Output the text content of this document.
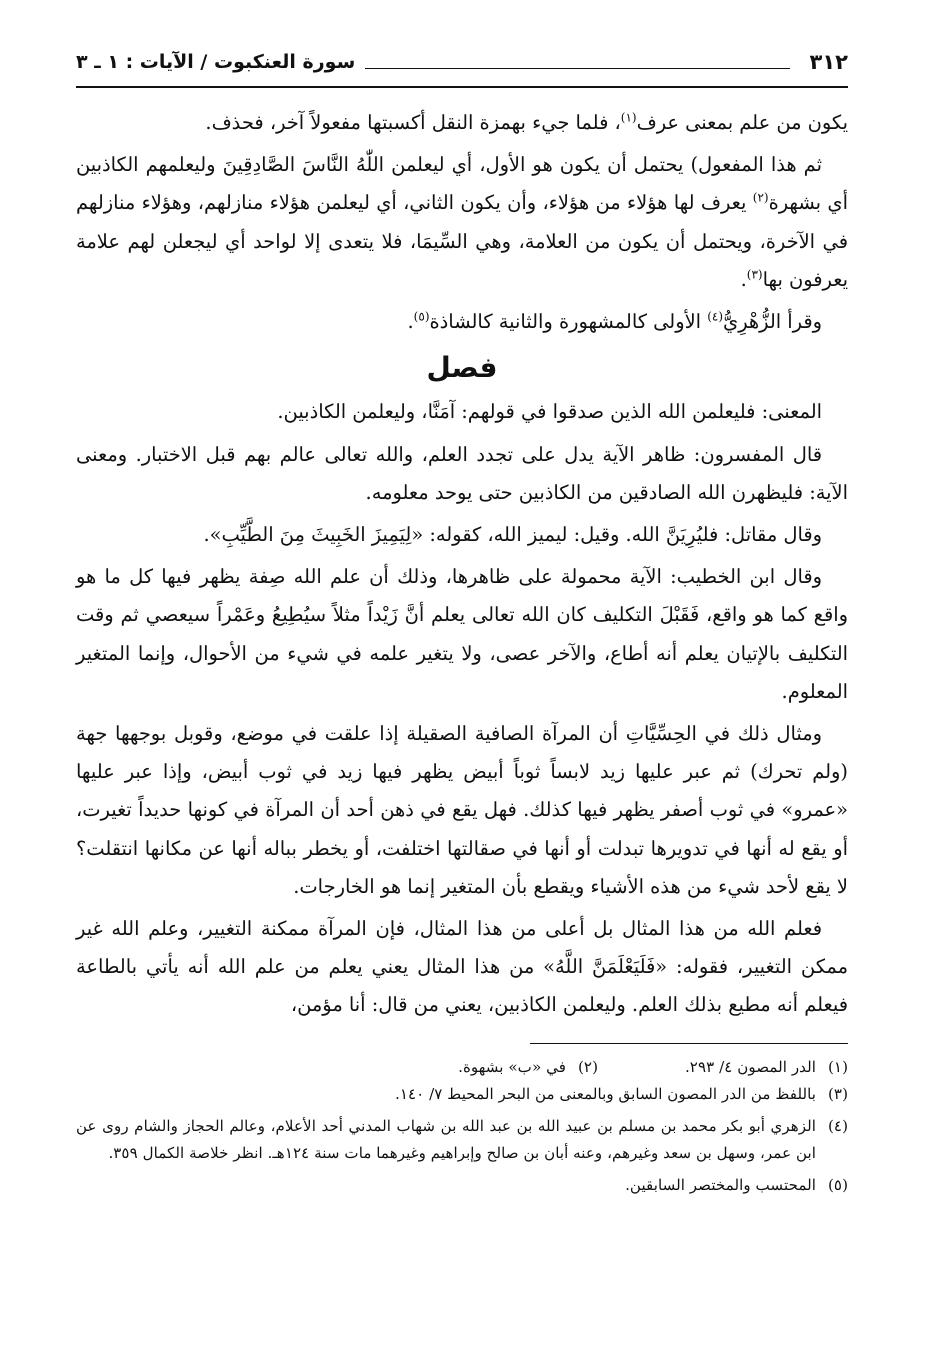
٣١٢
سورة العنكبوت / الآيات : ١ ـ ٣

يكون من علم بمعنى عرف$^{(١)}$، فلما جيء بهمزة النقل أكسبتها مفعولاً آخر، فحذف.

ثم هذا المفعول) يحتمل أن يكون هو الأول، أي ليعلمن اللّٰهُ النَّاسَ الصَّادِقِينَ وليعلمهم الكاذبين أي بشهرة$^{(٢)}$ يعرف لها هؤلاء من هؤلاء، وأن يكون الثاني، أي ليعلمن هؤلاء منازلهم، وهؤلاء منازلهم في الآخرة، ويحتمل أن يكون من العلامة، وهي السِّيمَا، فلا يتعدى إلا لواحد أي ليجعلن لهم علامة يعرفون بها$^{(٣)}$.

وقرأ الزُّهْرِيُّ$^{(٤)}$ الأولى كالمشهورة والثانية كالشاذة$^{(٥)}$.

فصل

المعنى: فليعلمن الله الذين صدقوا في قولهم: آمَنَّا، وليعلمن الكاذبين.

قال المفسرون: ظاهر الآية يدل على تجدد العلم، والله تعالى عالم بهم قبل الاختبار. ومعنى الآية: فليظهرن الله الصادقين من الكاذبين حتى يوحد معلومه.

وقال مقاتل: فليُرِيَنَّ الله. وقيل: ليميز الله، كقوله: «لِيَمِيزَ الخَبِيثَ مِنَ الطَّيِّبِ».

وقال ابن الخطيب: الآية محمولة على ظاهرها، وذلك أن علم الله صِفة يظهر فيها كل ما هو واقع كما هو واقع، فَقَبْلَ التكليف كان الله تعالى يعلم أنَّ زَيْداً مثلاً سيُطِيعُ وعَمْراً سيعصي ثم وقت التكليف بالإتيان يعلم أنه أطاع، والآخر عصى، ولا يتغير علمه في شيء من الأحوال، وإنما المتغير المعلوم.

ومثال ذلك في الحِسِّيَّاتِ أن المرآة الصافية الصقيلة إذا علقت في موضع، وقوبل بوجهها جهة (ولم تحرك) ثم عبر عليها زيد لابساً ثوباً أبيض يظهر فيها زيد في ثوب أبيض، وإذا عبر عليها «عمرو» في ثوب أصفر يظهر فيها كذلك. فهل يقع في ذهن أحد أن المرآة في كونها حديداً تغيرت، أو يقع له أنها في تدويرها تبدلت أو أنها في صقالتها اختلفت، أو يخطر بباله أنها عن مكانها انتقلت؟ لا يقع لأحد شيء من هذه الأشياء ويقطع بأن المتغير إنما هو الخارجات.

فعلم الله من هذا المثال بل أعلى من هذا المثال، فإن المرآة ممكنة التغيير، وعلم الله غير ممكن التغيير، فقوله: «فَلَيَعْلَمَنَّ اللَّهُ» من هذا المثال يعني يعلم من علم الله أنه يأتي بالطاعة فيعلم أنه مطيع بذلك العلم. وليعلمن الكاذبين، يعني من قال: أنا مؤمن،

(١)
الدر المصون ٤/ ٢٩٣.
(٢)
في «ب» بشهوة.
(٣)
باللفظ من الدر المصون السابق وبالمعنى من البحر المحيط ٧/ ١٤٠.
(٤)
الزهري أبو بكر محمد بن مسلم بن عبيد الله بن عبد الله بن شهاب المدني أحد الأعلام، وعالم الحجاز والشام روى عن ابن عمر، وسهل بن سعد وغيرهم، وعنه أبان بن صالح وإبراهيم وغيرهما مات سنة ١٢٤هـ. انظر خلاصة الكمال ٣٥٩.
(٥)
المحتسب والمختصر السابقين.
